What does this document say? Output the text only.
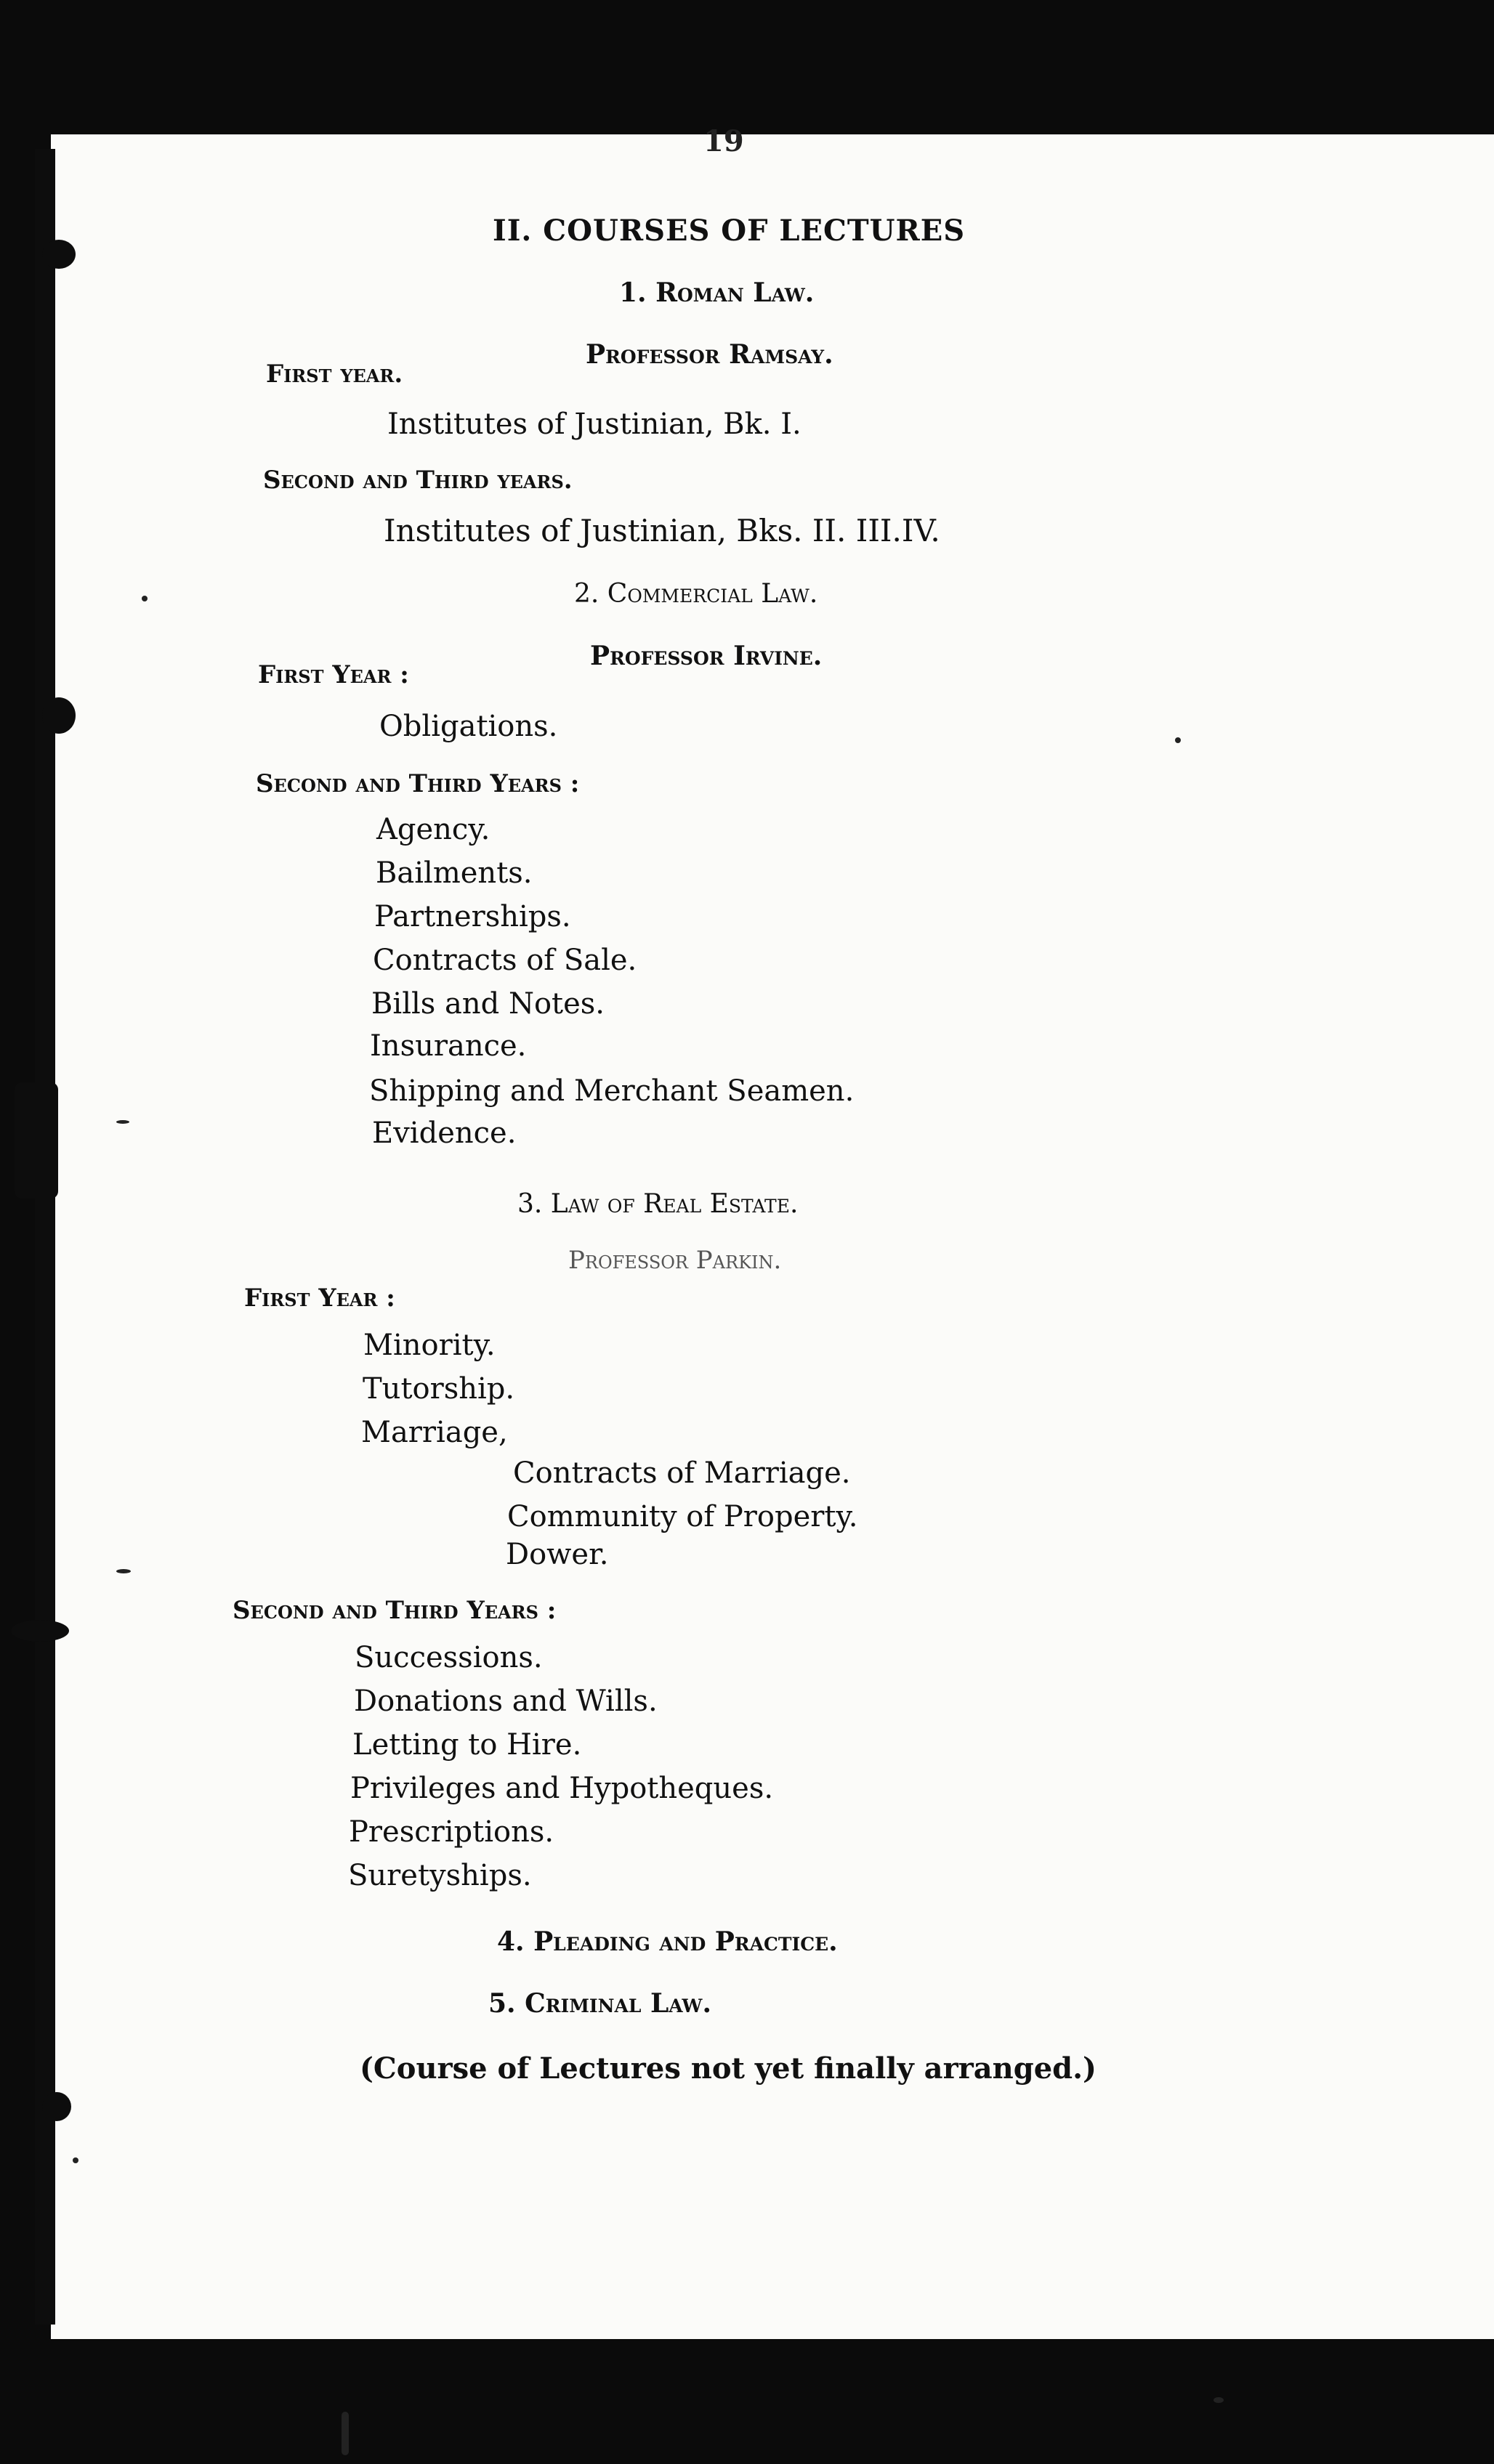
19
II. COURSES OF LECTURES
1. Roman Law.
Professor Ramsay.
First year.
Institutes of Justinian, Bk. I.
Second and Third years.
Institutes of Justinian, Bks. II. III.IV.
2. Commercial Law.
Professor Irvine.
First Year :
Obligations.
Second and Third Years :
Agency.
Bailments.
Partnerships.
Contracts of Sale.
Bills and Notes.
Insurance.
Shipping and Merchant Seamen.
Evidence.
3. Law of Real Estate.
Professor Parkin.
First Year :
Minority.
Tutorship.
Marriage,
Contracts of Marriage.
Community of Property.
Dower.
Second and Third Years :
Successions.
Donations and Wills.
Letting to Hire.
Privileges and Hypotheques.
Prescriptions.
Suretyships.
4. Pleading and Practice.
5. Criminal Law.
(Course of Lectures not yet finally arranged.)
